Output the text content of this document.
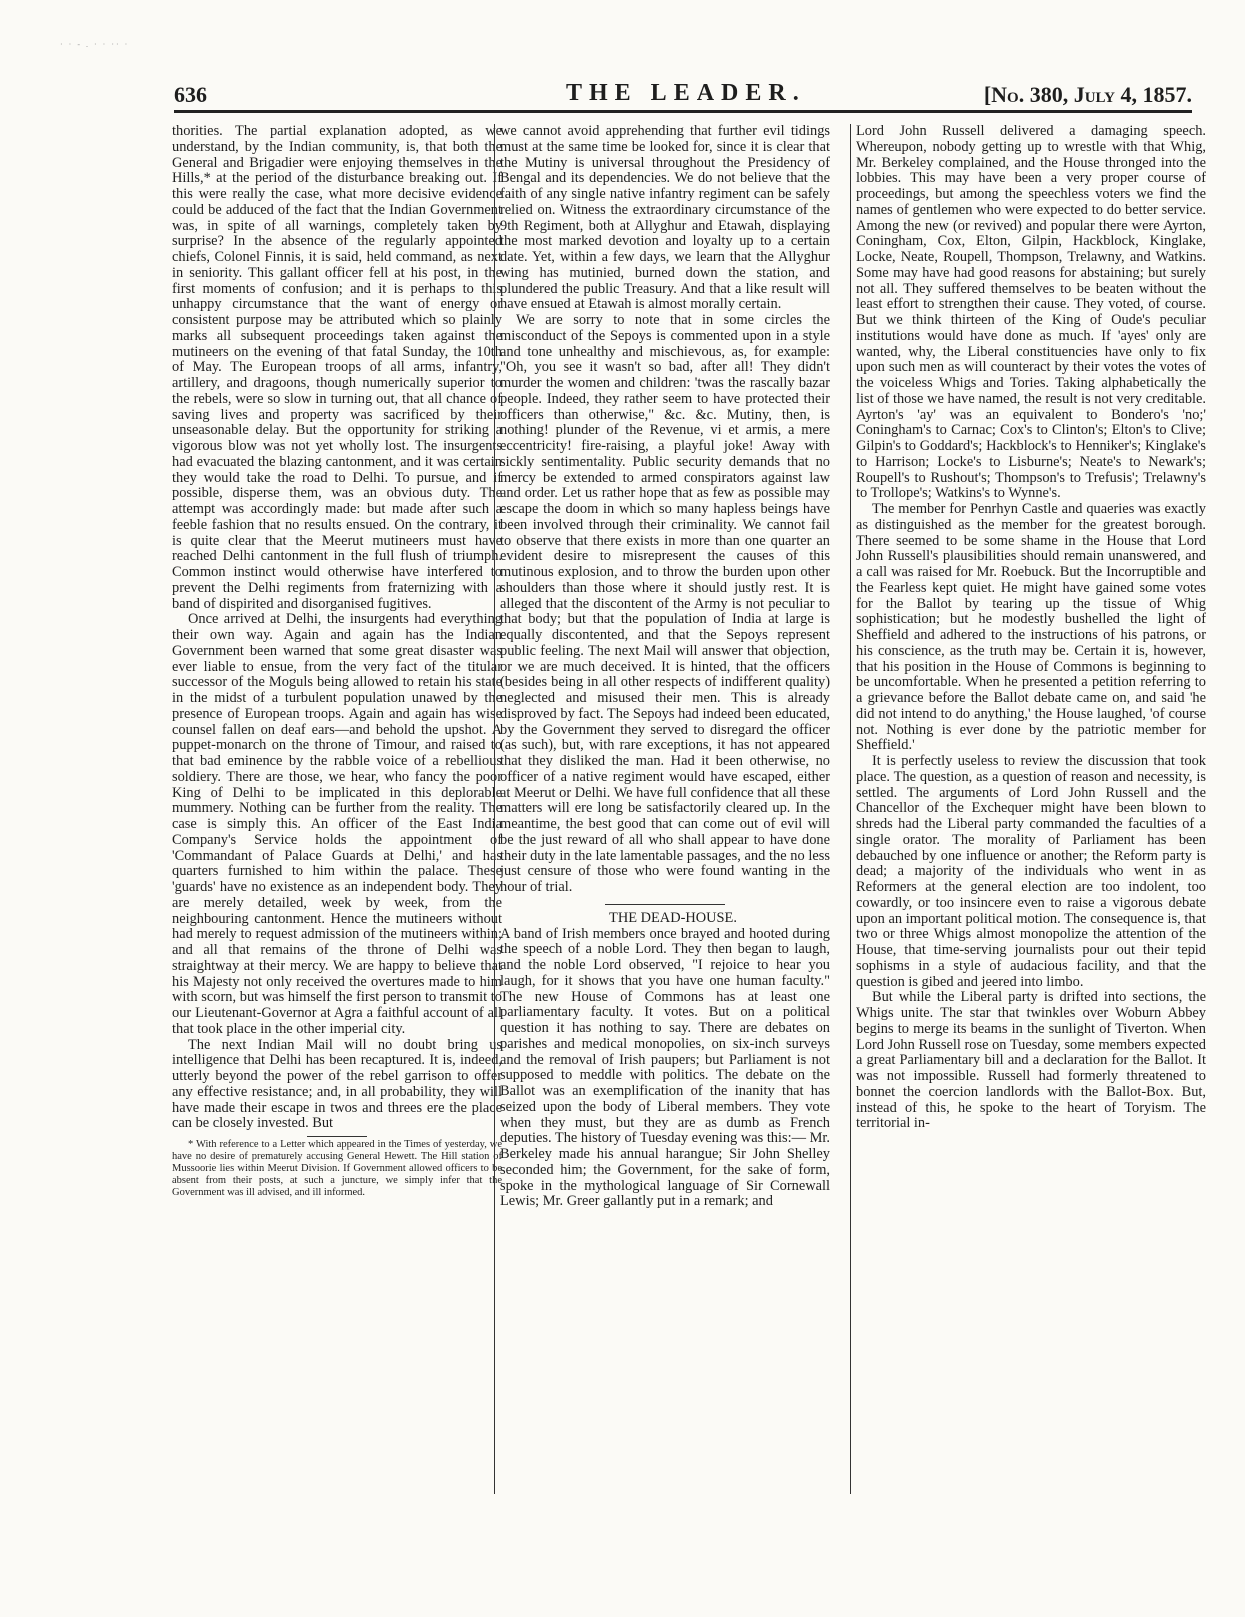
· · - . · · ·· ·
636	THE LEADER.	[No. 380, July 4, 1857.

thorities. The partial explanation adopted, as we understand, by the Indian community, is, that both the General and Brigadier were enjoying themselves in the Hills,* at the period of the disturbance breaking out. If this were really the case, what more decisive evidence could be adduced of the fact that the Indian Government was, in spite of all warnings, completely taken by surprise? In the absence of the regularly appointed chiefs, Colonel Finnis, it is said, held command, as next in seniority. This gallant officer fell at his post, in the first moments of confusion; and it is perhaps to this unhappy circumstance that the want of energy or consistent purpose may be attributed which so plainly marks all subsequent proceedings taken against the mutineers on the evening of that fatal Sunday, the 10th of May. The European troops of all arms, infantry, artillery, and dragoons, though numerically superior to the rebels, were so slow in turning out, that all chance of saving lives and property was sacrificed by their unseasonable delay. But the opportunity for striking a vigorous blow was not yet wholly lost. The insurgents had evacuated the blazing cantonment, and it was certain they would take the road to Delhi. To pursue, and if possible, disperse them, was an obvious duty. The attempt was accordingly made: but made after such a feeble fashion that no results ensued. On the contrary, it is quite clear that the Meerut mutineers must have reached Delhi cantonment in the full flush of triumph. Common instinct would otherwise have interfered to prevent the Delhi regiments from fraternizing with a band of dispirited and disorganised fugitives.

Once arrived at Delhi, the insurgents had everything their own way. Again and again has the Indian Government been warned that some great disaster was ever liable to ensue, from the very fact of the titular successor of the Moguls being allowed to retain his state in the midst of a turbulent population unawed by the presence of European troops. Again and again has wise counsel fallen on deaf ears—and behold the upshot. A puppet-monarch on the throne of Timour, and raised to that bad eminence by the rabble voice of a rebellious soldiery. There are those, we hear, who fancy the poor King of Delhi to be implicated in this deplorable mummery. Nothing can be further from the reality. The case is simply this. An officer of the East India Company's Service holds the appointment of 'Commandant of Palace Guards at Delhi,' and has quarters furnished to him within the palace. These 'guards' have no existence as an independent body. They are merely detailed, week by week, from the neighbouring cantonment. Hence the mutineers without had merely to request admission of the mutineers within; and all that remains of the throne of Delhi was straightway at their mercy. We are happy to believe that his Majesty not only received the overtures made to him with scorn, but was himself the first person to transmit to our Lieutenant-Governor at Agra a faithful account of all that took place in the other imperial city.

The next Indian Mail will no doubt bring us intelligence that Delhi has been recaptured. It is, indeed, utterly beyond the power of the rebel garrison to offer any effective resistance; and, in all probability, they will have made their escape in twos and threes ere the place can be closely invested. But

* With reference to a Letter which appeared in the Times of yesterday, we have no desire of prematurely accusing General Hewett. The Hill station of Mussoorie lies within Meerut Division. If Government allowed officers to be absent from their posts, at such a juncture, we simply infer that the Government was ill advised, and ill informed.

we cannot avoid apprehending that further evil tidings must at the same time be looked for, since it is clear that the Mutiny is universal throughout the Presidency of Bengal and its dependencies. We do not believe that the faith of any single native infantry regiment can be safely relied on. Witness the extraordinary circumstance of the 9th Regiment, both at Allyghur and Etawah, displaying the most marked devotion and loyalty up to a certain date. Yet, within a few days, we learn that the Allyghur wing has mutinied, burned down the station, and plundered the public Treasury. And that a like result will have ensued at Etawah is almost morally certain.

We are sorry to note that in some circles the misconduct of the Sepoys is commented upon in a style and tone unhealthy and mischievous, as, for example: "Oh, you see it wasn't so bad, after all! They didn't murder the women and children: 'twas the rascally bazar people. Indeed, they rather seem to have protected their officers than otherwise," &c. &c. Mutiny, then, is nothing! plunder of the Revenue, vi et armis, a mere eccentricity! fire-raising, a playful joke! Away with sickly sentimentality. Public security demands that no mercy be extended to armed conspirators against law and order. Let us rather hope that as few as possible may escape the doom in which so many hapless beings have been involved through their criminality. We cannot fail to observe that there exists in more than one quarter an evident desire to misrepresent the causes of this mutinous explosion, and to throw the burden upon other shoulders than those where it should justly rest. It is alleged that the discontent of the Army is not peculiar to that body; but that the population of India at large is equally discontented, and that the Sepoys represent public feeling. The next Mail will answer that objection, or we are much deceived. It is hinted, that the officers (besides being in all other respects of indifferent quality) neglected and misused their men. This is already disproved by fact. The Sepoys had indeed been educated, by the Government they served to disregard the officer (as such), but, with rare exceptions, it has not appeared that they disliked the man. Had it been otherwise, no officer of a native regiment would have escaped, either at Meerut or Delhi. We have full confidence that all these matters will ere long be satisfactorily cleared up. In the meantime, the best good that can come out of evil will be the just reward of all who shall appear to have done their duty in the late lamentable passages, and the no less just censure of those who were found wanting in the hour of trial.

THE DEAD-HOUSE.

A band of Irish members once brayed and hooted during the speech of a noble Lord. They then began to laugh, and the noble Lord observed, "I rejoice to hear you laugh, for it shows that you have one human faculty." The new House of Commons has at least one parliamentary faculty. It votes. But on a political question it has nothing to say. There are debates on parishes and medical monopolies, on six-inch surveys and the removal of Irish paupers; but Parliament is not supposed to meddle with politics. The debate on the Ballot was an exemplification of the inanity that has seized upon the body of Liberal members. They vote when they must, but they are as dumb as French deputies. The history of Tuesday evening was this:— Mr. Berkeley made his annual harangue; Sir John Shelley seconded him; the Government, for the sake of form, spoke in the mythological language of Sir Cornewall Lewis; Mr. Greer gallantly put in a remark; and

Lord John Russell delivered a damaging speech. Whereupon, nobody getting up to wrestle with that Whig, Mr. Berkeley complained, and the House thronged into the lobbies. This may have been a very proper course of proceedings, but among the speechless voters we find the names of gentlemen who were expected to do better service. Among the new (or revived) and popular there were Ayrton, Coningham, Cox, Elton, Gilpin, Hackblock, Kinglake, Locke, Neate, Roupell, Thompson, Trelawny, and Watkins. Some may have had good reasons for abstaining; but surely not all. They suffered themselves to be beaten without the least effort to strengthen their cause. They voted, of course. But we think thirteen of the King of Oude's peculiar institutions would have done as much. If 'ayes' only are wanted, why, the Liberal constituencies have only to fix upon such men as will counteract by their votes the votes of the voiceless Whigs and Tories. Taking alphabetically the list of those we have named, the result is not very creditable. Ayrton's 'ay' was an equivalent to Bondero's 'no;' Coningham's to Carnac; Cox's to Clinton's; Elton's to Clive; Gilpin's to Goddard's; Hackblock's to Henniker's; Kinglake's to Harrison; Locke's to Lisburne's; Neate's to Newark's; Roupell's to Rushout's; Thompson's to Trefusis'; Trelawny's to Trollope's; Watkins's to Wynne's.

The member for Penrhyn Castle and quaeries was exactly as distinguished as the member for the greatest borough. There seemed to be some shame in the House that Lord John Russell's plausibilities should remain unanswered, and a call was raised for Mr. Roebuck. But the Incorruptible and the Fearless kept quiet. He might have gained some votes for the Ballot by tearing up the tissue of Whig sophistication; but he modestly bushelled the light of Sheffield and adhered to the instructions of his patrons, or his conscience, as the truth may be. Certain it is, however, that his position in the House of Commons is beginning to be uncomfortable. When he presented a petition referring to a grievance before the Ballot debate came on, and said 'he did not intend to do anything,' the House laughed, 'of course not. Nothing is ever done by the patriotic member for Sheffield.'

It is perfectly useless to review the discussion that took place. The question, as a question of reason and necessity, is settled. The arguments of Lord John Russell and the Chancellor of the Exchequer might have been blown to shreds had the Liberal party commanded the faculties of a single orator. The morality of Parliament has been debauched by one influence or another; the Reform party is dead; a majority of the individuals who went in as Reformers at the general election are too indolent, too cowardly, or too insincere even to raise a vigorous debate upon an important political motion. The consequence is, that two or three Whigs almost monopolize the attention of the House, that time-serving journalists pour out their tepid sophisms in a style of audacious facility, and that the question is gibed and jeered into limbo.

But while the Liberal party is drifted into sections, the Whigs unite. The star that twinkles over Woburn Abbey begins to merge its beams in the sunlight of Tiverton. When Lord John Russell rose on Tuesday, some members expected a great Parliamentary bill and a declaration for the Ballot. It was not impossible. Russell had formerly threatened to bonnet the coercion landlords with the Ballot-Box. But, instead of this, he spoke to the heart of Toryism. The territorial in-
